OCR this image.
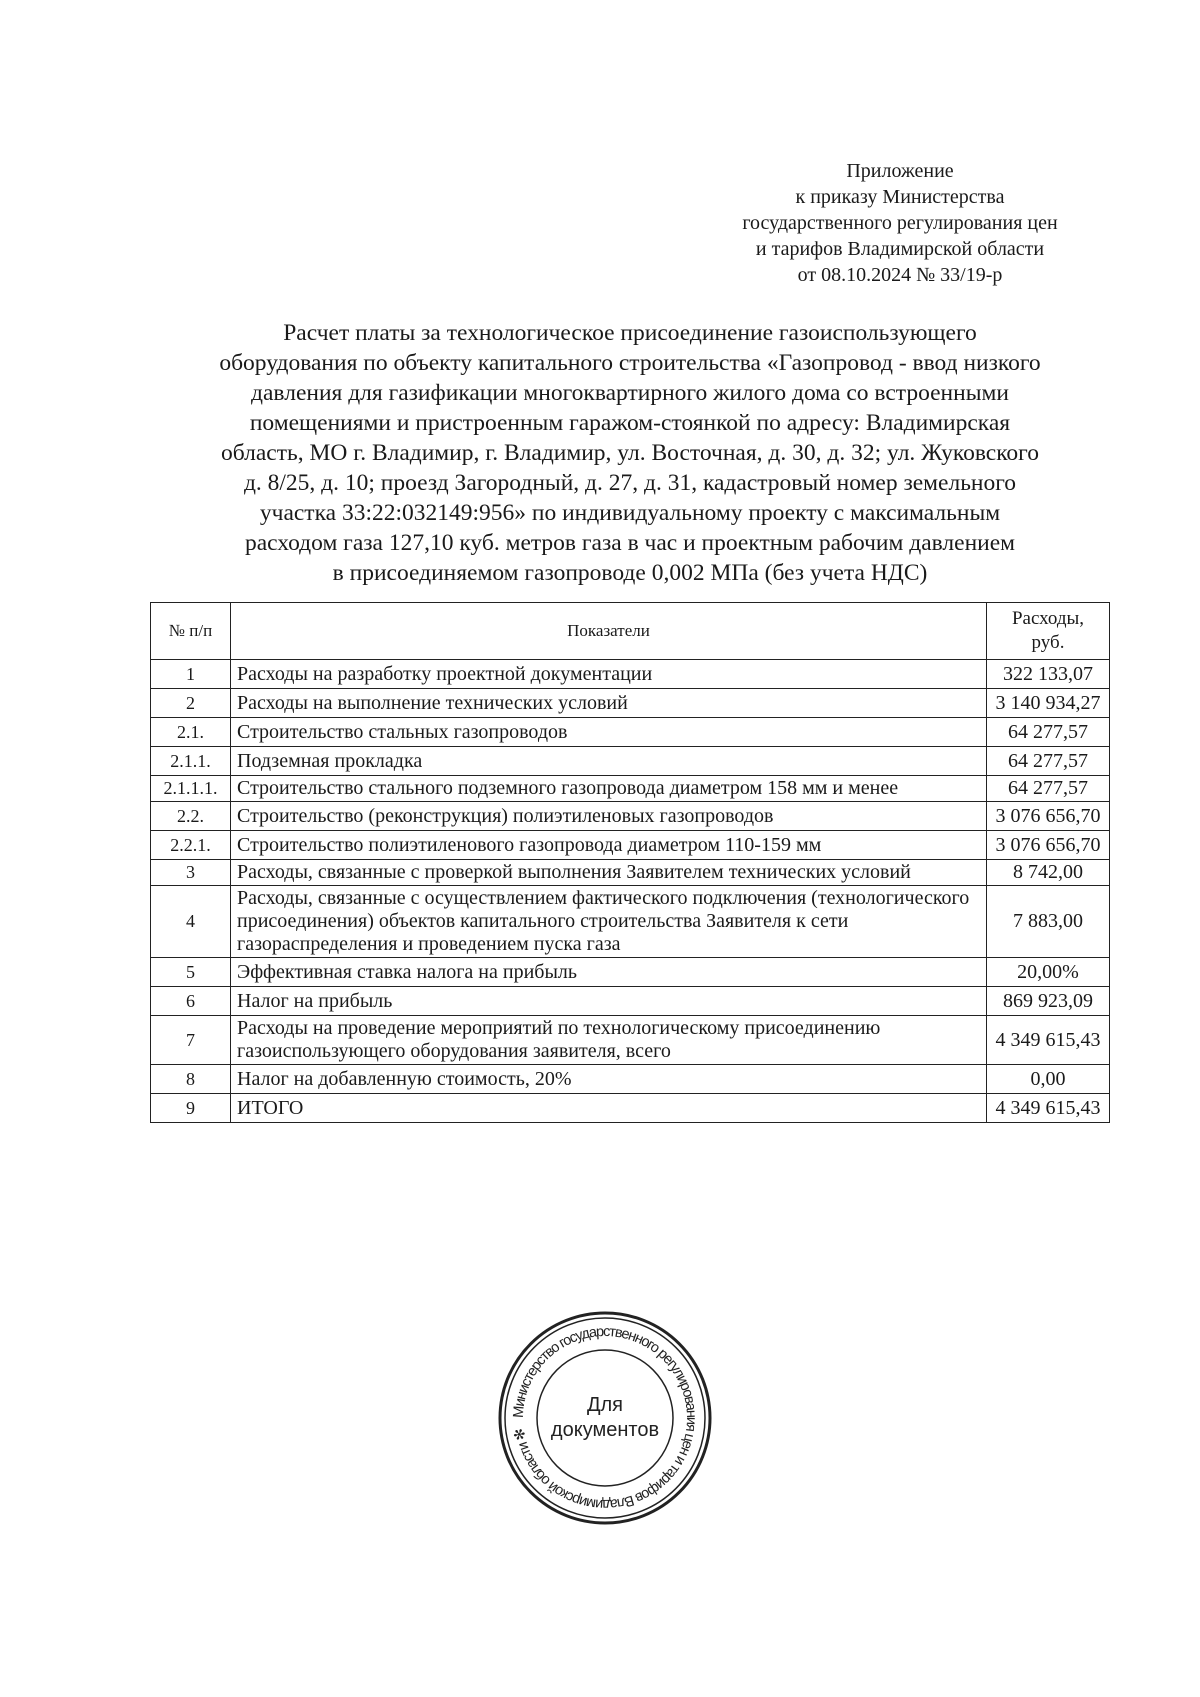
Приложение
к приказу Министерства
государственного регулирования цен
и тарифов Владимирской области
от 08.10.2024 № 33/19-р
Расчет платы за технологическое присоединение газоиспользующего
оборудования по объекту капитального строительства «Газопровод - ввод низкого
давления для газификации многоквартирного жилого дома со встроенными
помещениями и пристроенным гаражом-стоянкой по адресу: Владимирская
область, МО г. Владимир, г. Владимир, ул. Восточная, д. 30, д. 32; ул. Жуковского
д. 8/25, д. 10; проезд Загородный, д. 27, д. 31, кадастровый номер земельного
участка 33:22:032149:956» по индивидуальному проекту с максимальным
расходом газа 127,10 куб. метров газа в час и проектным рабочим давлением
в присоединяемом газопроводе 0,002 МПа (без учета НДС)
№ п/п	Показатели	Расходы,
руб.

1	Расходы на разработку проектной документации	322 133,07
2	Расходы на выполнение технических условий	3 140 934,27
2.1.	Строительство стальных газопроводов	64 277,57
2.1.1.	Подземная прокладка	64 277,57
2.1.1.1.	Строительство стального подземного газопровода диаметром 158 мм и менее	64 277,57
2.2.	Строительство (реконструкция) полиэтиленовых газопроводов	3 076 656,70
2.2.1.	Строительство полиэтиленового газопровода диаметром 110-159 мм	3 076 656,70
3	Расходы, связанные с проверкой выполнения Заявителем технических условий	8 742,00
4	Расходы, связанные с осуществлением фактического подключения (технологического присоединения) объектов капитального строительства Заявителя к сети газораспределения и проведением пуска газа	7 883,00
5	Эффективная ставка налога на прибыль	20,00%
6	Налог на прибыль	869 923,09
7	Расходы на проведение мероприятий по технологическому присоединению газоиспользующего оборудования заявителя, всего	4 349 615,43
8	Налог на добавленную стоимость, 20%	0,00
9	ИТОГО	4 349 615,43
Министерство государственного регулирования цен и тарифов Владимирской области ✻
Для
документов
